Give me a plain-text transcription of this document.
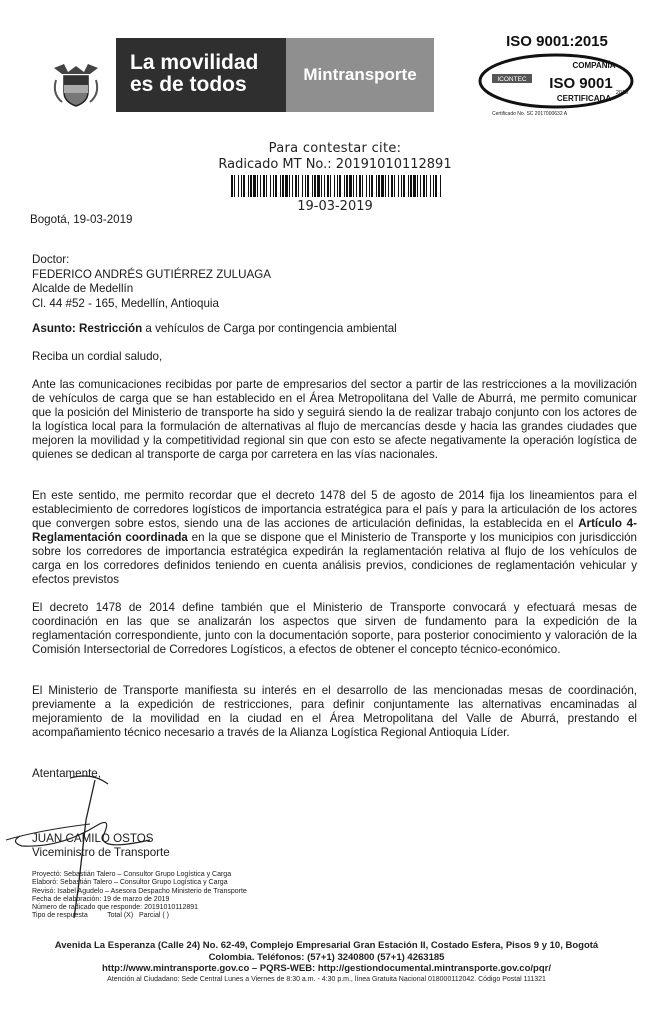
La movilidad
es de todos	Mintransporte
ISO 9001:2015
ICONTEC
COMPAÑÍA
ISO 9001
2015
CERTIFICADA
Certificado No. SC 2017000632 A
Para contestar cite:
Radicado MT No.: 20191010112891
19-03-2019
Bogotá, 19-03-2019
Doctor:
FEDERICO ANDRÉS GUTIÉRREZ ZULUAGA
Alcalde de Medellín
Cl. 44 #52 - 165, Medellín, Antioquia
Asunto: Restricción a vehículos de Carga por contingencia ambiental
Reciba un cordial saludo,
Ante las comunicaciones recibidas por parte de empresarios del sector a partir de las restricciones a la movilización de vehículos de carga que se han establecido en el Área Metropolitana del Valle de Aburrá, me permito comunicar que la posición del Ministerio de transporte ha sido y seguirá siendo la de realizar trabajo conjunto con los actores de la logística local para la formulación de alternativas al flujo de mercancías desde y hacia las grandes ciudades que mejoren la movilidad y la competitividad regional sin que con esto se afecte negativamente la operación logística de quienes se dedican al transporte de carga por carretera en las vías nacionales.
En este sentido, me permito recordar que el decreto 1478 del 5 de agosto de 2014 fija los lineamientos para el establecimiento de corredores logísticos de importancia estratégica para el país y para la articulación de los actores que convergen sobre estos, siendo una de las acciones de articulación definidas, la establecida en el Artículo 4-Reglamentación coordinada en la que se dispone que el Ministerio de Transporte y los municipios con jurisdicción sobre los corredores de importancia estratégica expedirán la reglamentación relativa al flujo de los vehículos de carga en los corredores definidos teniendo en cuenta análisis previos, condiciones de reglamentación vehicular y efectos previstos
El decreto 1478 de 2014 define también que el Ministerio de Transporte convocará y efectuará mesas de coordinación en las que se analizarán los aspectos que sirven de fundamento para la expedición de la reglamentación correspondiente, junto con la documentación soporte, para posterior conocimiento y valoración de la Comisión Intersectorial de Corredores Logísticos, a efectos de obtener el concepto técnico-económico.
El Ministerio de Transporte manifiesta su interés en el desarrollo de las mencionadas mesas de coordinación, previamente a la expedición de restricciones, para definir conjuntamente las alternativas encaminadas al mejoramiento de la movilidad en la ciudad en el Área Metropolitana del Valle de Aburrá, prestando el acompañamiento técnico necesario a través de la Alianza Logística Regional Antioquia Líder.
Atentamente,
JUAN CAMILO OSTOS
Viceministro de Transporte
Proyectó: Sebastián Talero – Consultor Grupo Logística y Carga
Elaboró: Sebastián Talero – Consultor Grupo Logística y Carga
Revisó: Isabel Agudelo – Asesora Despacho Ministerio de Transporte
Fecha de elaboración: 19 de marzo de 2019
Número de radicado que responde: 20191010112891
Tipo de respuesta          Total (X)   Parcial ( )
Avenida La Esperanza (Calle 24) No. 62-49, Complejo Empresarial Gran Estación II, Costado Esfera, Pisos 9 y 10, Bogotá
Colombia. Teléfonos: (57+1) 3240800 (57+1) 4263185
http://www.mintransporte.gov.co – PQRS-WEB: http://gestiondocumental.mintransporte.gov.co/pqr/
Atención al Ciudadano: Sede Central Lunes a Viernes de 8:30 a.m. - 4:30 p.m., línea Gratuita Nacional 018000112042. Código Postal 111321
